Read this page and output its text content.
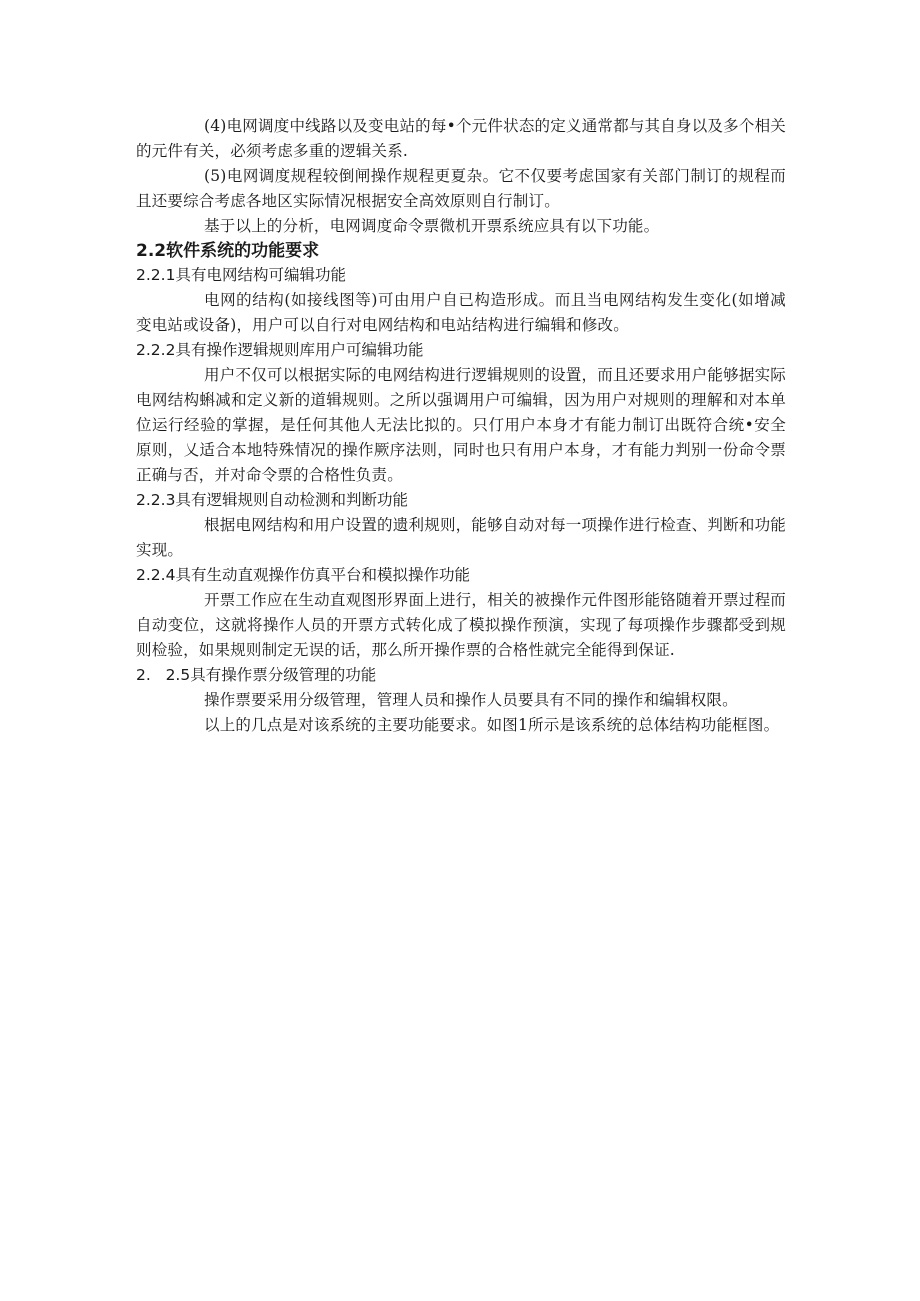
(4)电网调度中线路以及变电站的每•个元件状态的定义通常都与其自身以及多个相关的元件有关，必须考虑多重的逻辑关系.

(5)电网调度规程较倒闸操作规程更夏杂。它不仅要考虑国家有关部门制订的规程而且还要综合考虑各地区实际情况根据安全高效原则自行制订。

基于以上的分析，电网调度命令票微机开票系统应具有以下功能。

2.2软件系统的功能要求
2.2.1具有电网结构可编辑功能

电网的结构(如接线图等)可由用户自已构造形成。而且当电网结构发生变化(如增减变电站或设备)，用户可以自行对电网结构和电站结构进行编辑和修改。

2.2.2具有操作逻辑规则库用户可编辑功能

用户不仅可以根据实际的电网结构进行逻辑规则的设置，而且还要求用户能够据实际电网结构蝌减和定义新的道辑规则。之所以强调用户可编辑，因为用户对规则的理解和对本单位运行经验的掌握，是任何其他人无法比拟的。只仃用户本身才有能力制订出既符合统•安全原则，乂适合本地特殊情况的操作厥序法则，同时也只有用户本身，才有能力判别一份命令票正确与否，并对命令票的合格性负责。

2.2.3具有逻辑规则自动检测和判断功能

根据电网结构和用户设置的遗利规则，能够自动对每一项操作进行检查、判断和功能实现。

2.2.4具有生动直观操作仿真平台和模拟操作功能

开票工作应在生动直观图形界面上进行，相关的被操作元件图形能铬随着开票过程而自动变位，这就将操作人员的开票方式转化成了模拟操作预演，实现了每项操作步骤都受到规则检验，如果规则制定无误的话，那么所开操作票的合格性就完全能得到保证.

2.   2.5具有操作票分级管理的功能

操作票要采用分级管理，管理人员和操作人员要具有不同的操作和编辑权限。

以上的几点是对该系统的主要功能要求。如图1所示是该系统的总体结构功能框图。
